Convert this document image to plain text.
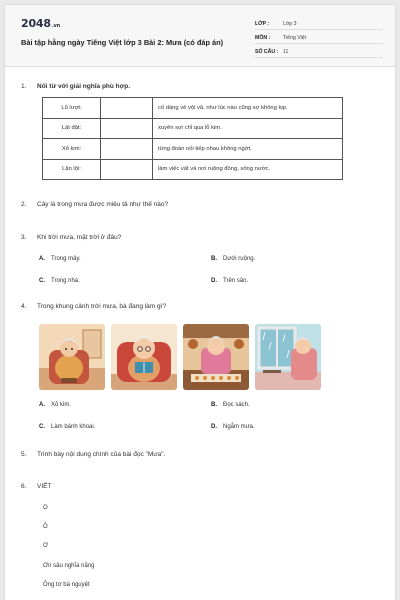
2048.vn
Bài tập hằng ngày Tiếng Việt lớp 3 Bài 2: Mưa (có đáp án)
LỚP :	Lớp 3
MÔN : Tiếng Việt
SỐ CÂU : 11
1. Nối từ với giải nghĩa phù hợp.
Lũ lượt:		cố dáng vẻ vội vã, như lúc nào cũng sợ không kịp.
Lật đật:		xuyên sợi chỉ qua lỗ kim.
Xỏ kim:		từng đoàn nối tiếp nhau không ngớt.
Lặn lội:		làm việc vất vả nơi ruộng đồng, sông nước.
2. Cây lá trong mưa được miêu tả như thế nào?
3. Khi trời mưa, mặt trời ở đâu?
A. Trong mây.	B. Dưới ruộng.
C. Trong nhà.	D. Trên sân.
4. Trong khung cảnh trời mưa, bà đang làm gì?
A. Xỏ kim.	B. Đọc sách.
C. Làm bánh khoai.	D. Ngắm mưa.
5. Trình bày nội dung chính của bài đọc "Mưa".
6. VIẾT
O
Ô
Ơ
Ơn sâu nghĩa nặng
Ông tơ bà nguyệt
